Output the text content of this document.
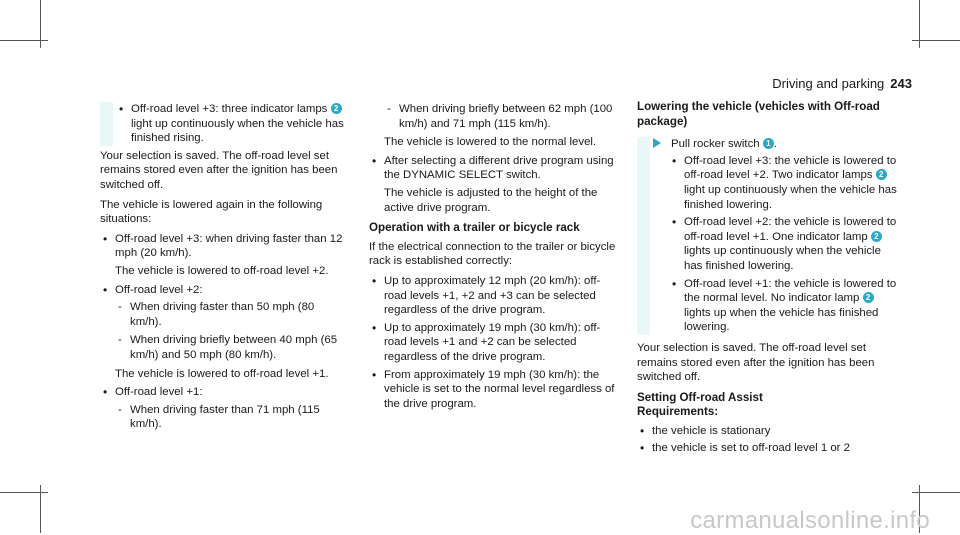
Driving and parking 243
• Off-road level +3: three indicator lamps 2 light up continuously when the vehicle has finished rising.

Your selection is saved. The off-road level set remains stored even after the ignition has been switched off.

The vehicle is lowered again in the following situations:

• Off-road level +3: when driving faster than 12 mph (20 km/h).
The vehicle is lowered to off-road level +2.
• Off-road level +2:
- When driving faster than 50 mph (80 km/h).
- When driving briefly between 40 mph (65 km/h) and 50 mph (80 km/h).
The vehicle is lowered to off-road level +1.
• Off-road level +1:
- When driving faster than 71 mph (115 km/h).
- When driving briefly between 62 mph (100 km/h) and 71 mph (115 km/h).
The vehicle is lowered to the normal level.
• After selecting a different drive program using the DYNAMIC SELECT switch.
The vehicle is adjusted to the height of the active drive program.
Operation with a trailer or bicycle rack

If the electrical connection to the trailer or bicycle rack is established correctly:

• Up to approximately 12 mph (20 km/h): off-road levels +1, +2 and +3 can be selected regardless of the drive program.
• Up to approximately 19 mph (30 km/h): off-road levels +1 and +2 can be selected regardless of the drive program.
• From approximately 19 mph (30 km/h): the vehicle is set to the normal level regardless of the drive program.
Lowering the vehicle (vehicles with Off-road package)
Pull rocker switch 1 .
• Off-road level +3: the vehicle is lowered to off-road level +2. Two indicator lamps 2 light up continuously when the vehicle has finished lowering.
• Off-road level +2: the vehicle is lowered to off-road level +1. One indicator lamp 2 lights up continuously when the vehicle has finished lowering.
• Off-road level +1: the vehicle is lowered to the normal level. No indicator lamp 2 lights up when the vehicle has finished lowering.

Your selection is saved. The off-road level set remains stored even after the ignition has been switched off.

Setting Off-road Assist
Requirements:
• the vehicle is stationary
• the vehicle is set to off-road level 1 or 2
carmanualsonline.info
